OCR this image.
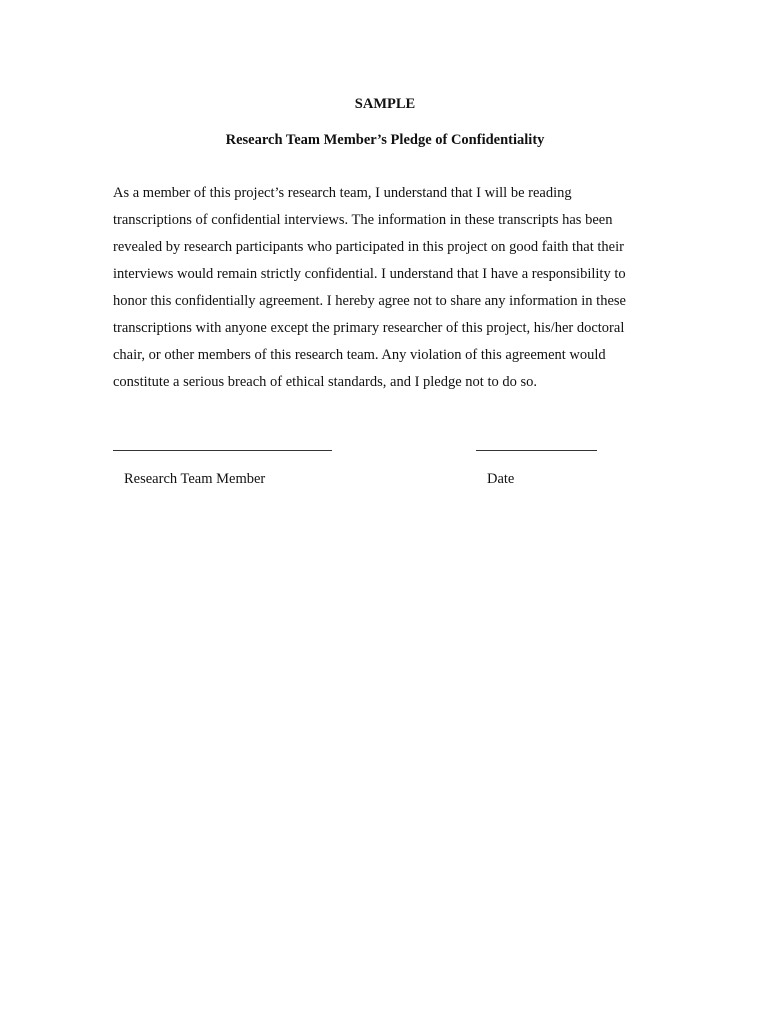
SAMPLE
Research Team Member’s Pledge of Confidentiality

As a member of this project’s research team, I understand that I will be reading
transcriptions of confidential interviews. The information in these transcripts has been
revealed by research participants who participated in this project on good faith that their
interviews would remain strictly confidential. I understand that I have a responsibility to
honor this confidentially agreement. I hereby agree not to share any information in these
transcriptions with anyone except the primary researcher of this project, his/her doctoral
chair, or other members of this research team. Any violation of this agreement would
constitute a serious breach of ethical standards, and I pledge not to do so.

Research Team Member	Date
